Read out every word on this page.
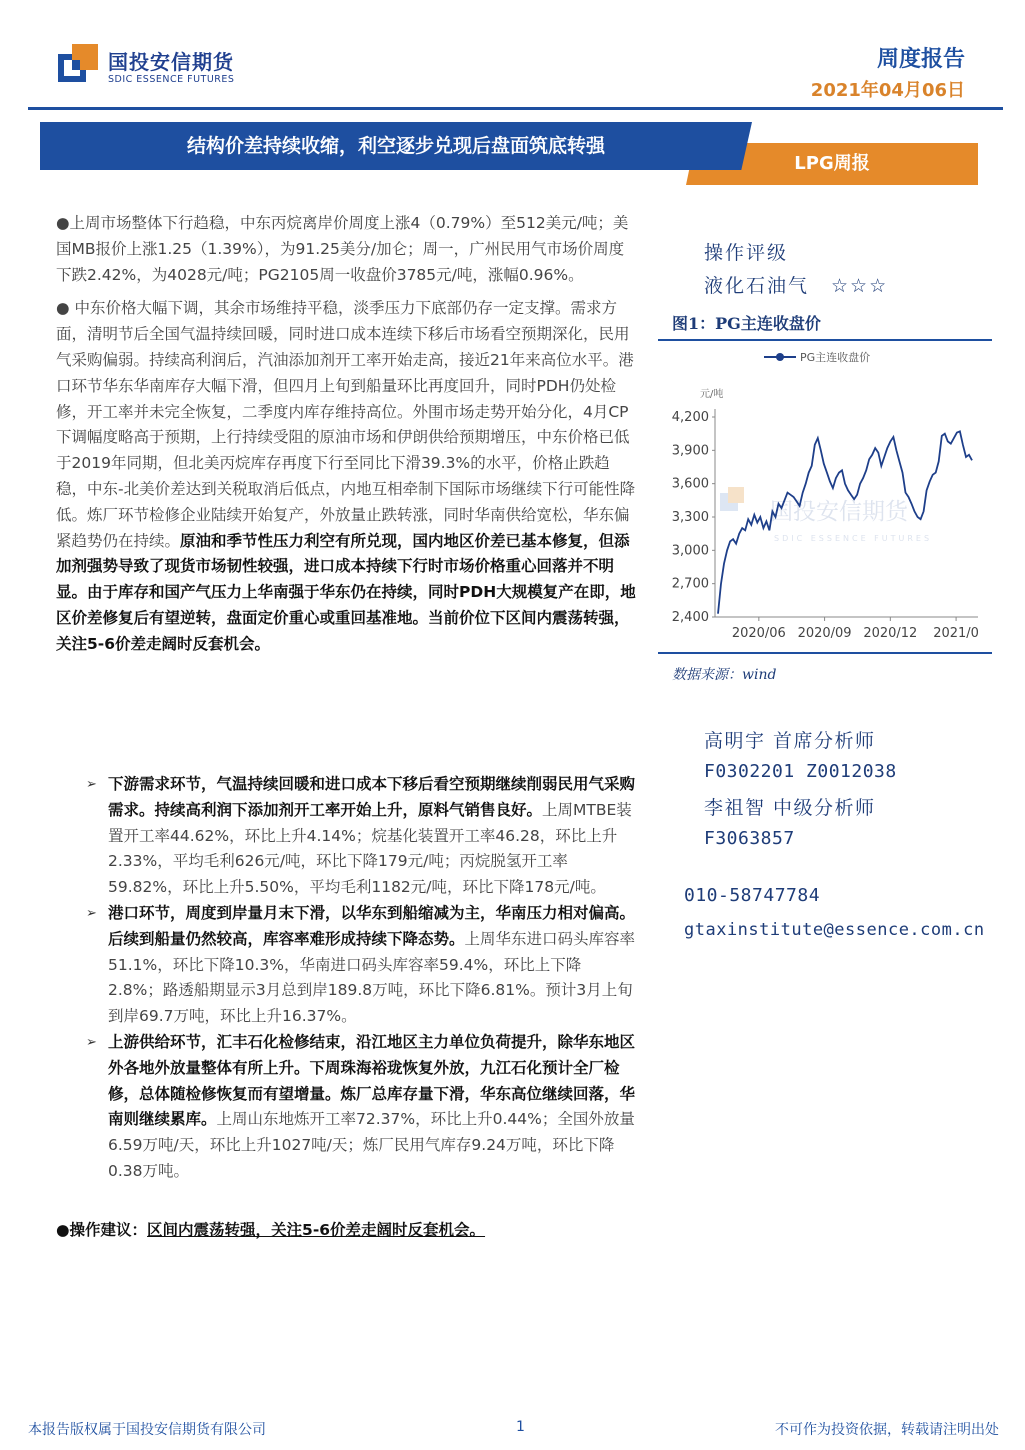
国投安信期货
SDIC ESSENCE FUTURES
周度报告
2021年04月06日
LPG周报
结构价差持续收缩，利空逐步兑现后盘面筑底转强

●上周市场整体下行趋稳，中东丙烷离岸价周度上涨4（0.79%）至512美元/吨；美国MB报价上涨1.25（1.39%），为91.25美分/加仑；周一，广州民用气市场价周度下跌2.42%，为4028元/吨；PG2105周一收盘价3785元/吨，涨幅0.96%。

● 中东价格大幅下调，其余市场维持平稳，淡季压力下底部仍存一定支撑。需求方面，清明节后全国气温持续回暖，同时进口成本连续下移后市场看空预期深化，民用气采购偏弱。持续高利润后，汽油添加剂开工率开始走高，接近21年来高位水平。港口环节华东华南库存大幅下滑，但四月上旬到船量环比再度回升，同时PDH仍处检修，开工率并未完全恢复，二季度内库存维持高位。外围市场走势开始分化，4月CP下调幅度略高于预期，上行持续受阻的原油市场和伊朗供给预期增压，中东价格已低于2019年同期，但北美丙烷库存再度下行至同比下滑39.3%的水平，价格止跌趋稳，中东-北美价差达到关税取消后低点，内地互相牵制下国际市场继续下行可能性降低。炼厂环节检修企业陆续开始复产，外放量止跌转涨，同时华南供给宽松，华东偏紧趋势仍在持续。原油和季节性压力利空有所兑现，国内地区价差已基本修复，但添加剂强势导致了现货市场韧性较强，进口成本持续下行时市场价格重心回落并不明显。由于库存和国产气压力上华南强于华东仍在持续，同时PDH大规模复产在即，地区价差修复后有望逆转，盘面定价重心或重回基准地。当前价位下区间内震荡转强，关注5-6价差走阔时反套机会。

➢ 下游需求环节，气温持续回暖和进口成本下移后看空预期继续削弱民用气采购需求。持续高利润下添加剂开工率开始上升，原料气销售良好。上周MTBE装置开工率44.62%，环比上升4.14%；烷基化装置开工率46.28，环比上升2.33%，平均毛利626元/吨，环比下降179元/吨；丙烷脱氢开工率59.82%，环比上升5.50%，平均毛利1182元/吨，环比下降178元/吨。
➢ 港口环节，周度到岸量月末下滑，以华东到船缩减为主，华南压力相对偏高。后续到船量仍然较高，库容率难形成持续下降态势。上周华东进口码头库容率51.1%，环比下降10.3%，华南进口码头库容率59.4%，环比上下降2.8%；路透船期显示3月总到岸189.8万吨，环比下降6.81%。预计3月上旬到岸69.7万吨，环比上升16.37%。
➢ 上游供给环节，汇丰石化检修结束，沿江地区主力单位负荷提升，除华东地区外各地外放量整体有所上升。下周珠海裕珑恢复外放，九江石化预计全厂检修，总体随检修恢复而有望增量。炼厂总库存量下滑，华东高位继续回落，华南则继续累库。上周山东地炼开工率72.37%，环比上升0.44%；全国外放量6.59万吨/天，环比上升1027吨/天；炼厂民用气库存9.24万吨，环比下降0.38万吨。
●操作建议：区间内震荡转强，关注5-6价差走阔时反套机会。
操作评级
液化石油气 ☆☆☆
图1：PG主连收盘价
国投安信期货
SDIC ESSENCE FUTURES
PG主连收盘价
元/吨
4,200
3,900
3,600
3,300
3,000
2,700
2,400
2020/06 2020/09 2020/12 2021/0
数据来源：wind
高明宇 首席分析师
F0302201 Z0012038
李祖智 中级分析师
F3063857
010-58747784
gtaxinstitute@essence.com.cn
本报告版权属于国投安信期货有限公司	1	不可作为投资依据，转载请注明出处
